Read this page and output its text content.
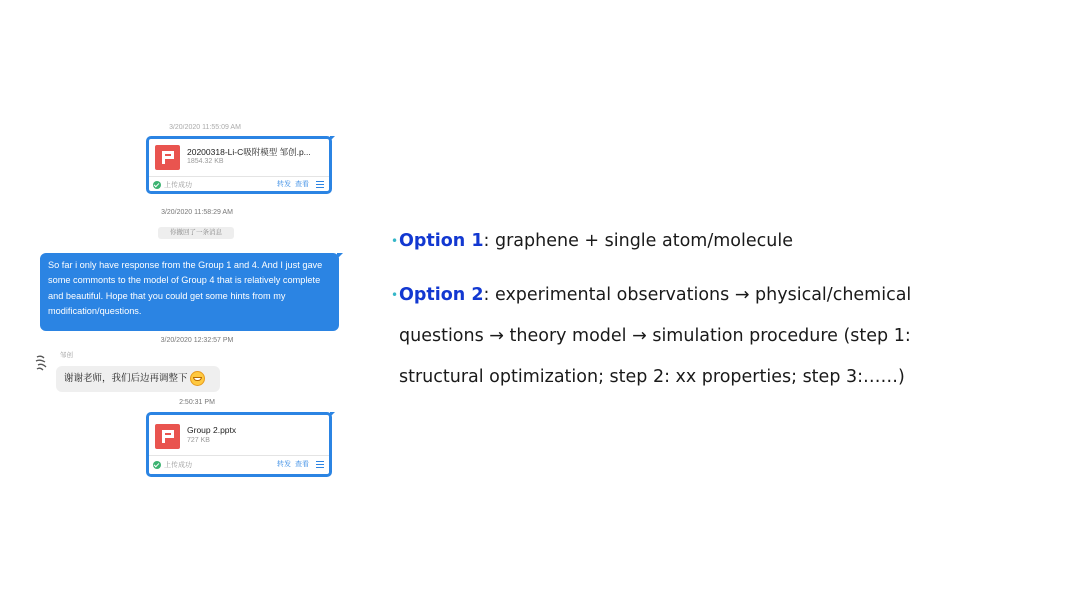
3/20/2020 11:55:09 AM
20200318-Li-C吸附模型 邹创.p...
1854.32 KB
上传成功	转发 查看
3/20/2020 11:58:29 AM
你撤回了一条消息
So far i only have response from the Group 1 and 4. And I just gave some commonts to the model of Group 4 that is relatively complete and beautiful. Hope that you could get some hints from my modification/questions.
3/20/2020 12:32:57 PM
邹创
谢谢老师，我们后边再调整下
2:50:31 PM
Group 2.pptx
727 KB
上传成功	转发 查看
• Option 1: graphene + single atom/molecule
• Option 2: experimental observations → physical/chemical
questions → theory model → simulation procedure (step 1:
structural optimization; step 2: xx properties; step 3:……)
